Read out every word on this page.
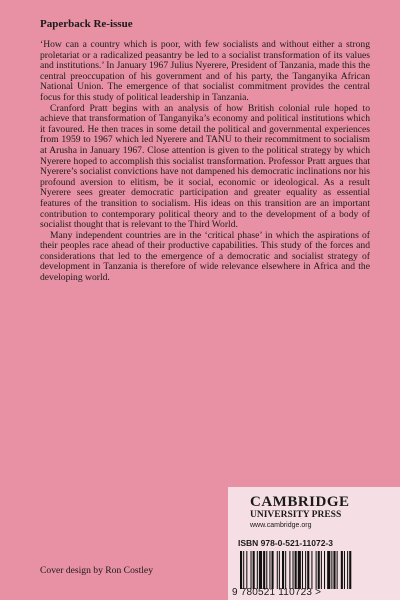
Paperback Re-issue

‘How can a country which is poor, with few socialists and without either a strong proletariat or a radicalized peasantry be led to a socialist transformation of its values and institutions.’ In January 1967 Julius Nyerere, President of Tanzania, made this the central preoccupation of his government and of his party, the Tanganyika African National Union. The emergence of that socialist commitment provides the central focus for this study of political leadership in Tanzania.

Cranford Pratt begins with an analysis of how British colonial rule hoped to achieve that transformation of Tanganyika’s economy and political institutions which it favoured. He then traces in some detail the political and governmental experiences from 1959 to 1967 which led Nyerere and TANU to their recommitment to socialism at Arusha in January 1967. Close attention is given to the political strategy by which Nyerere hoped to accomplish this socialist transformation. Professor Pratt argues that Nyerere’s socialist convictions have not dampened his democratic inclinations nor his profound aversion to elitism, be it social, economic or ideological. As a result Nyerere sees greater democratic participation and greater equality as essential features of the transition to socialism. His ideas on this transition are an important contribution to contemporary political theory and to the development of a body of socialist thought that is relevant to the Third World.

Many independent countries are in the ‘critical phase’ in which the aspirations of their peoples race ahead of their productive capabilities. This study of the forces and considerations that led to the emergence of a democratic and socialist strategy of development in Tanzania is therefore of wide relevance elsewhere in Africa and the developing world.

CAMBRIDGE
UNIVERSITY PRESS
www.cambridge.org
ISBN 978-0-521-11072-3
9 780521 110723 >
Cover design by Ron Costley
